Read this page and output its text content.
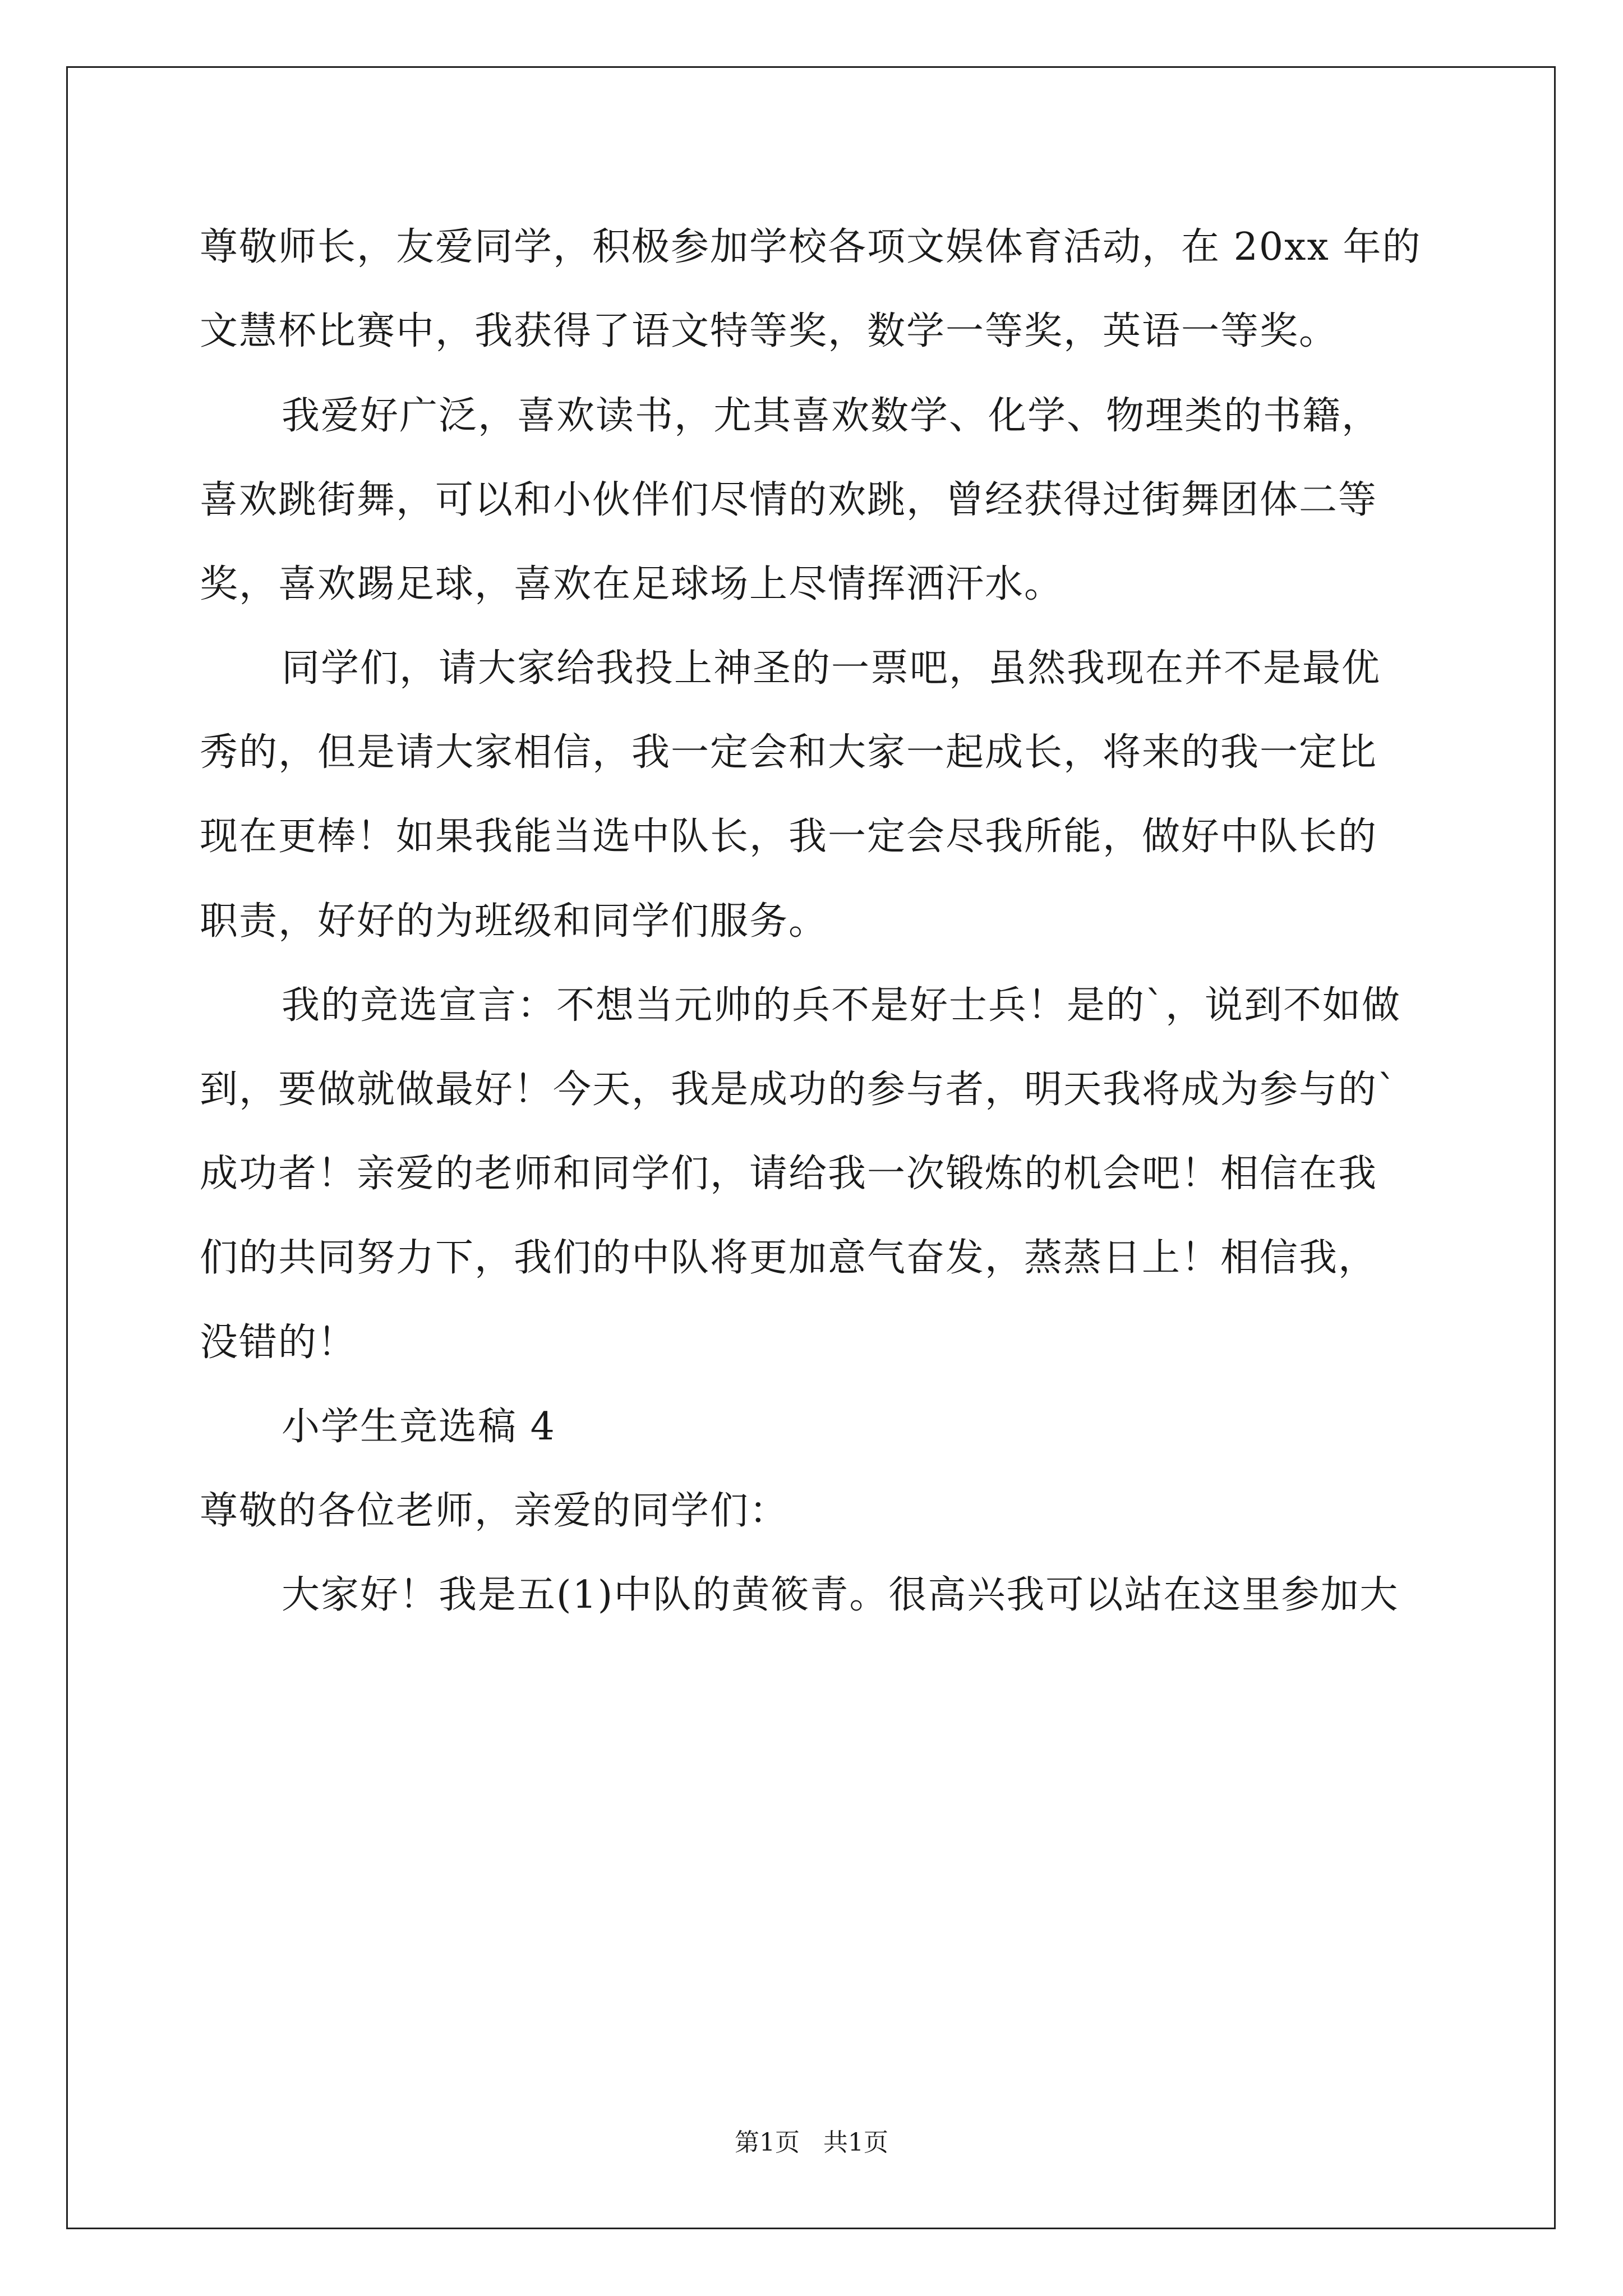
尊敬师长，友爱同学，积极参加学校各项文娱体育活动，在 20xx 年的
文慧杯比赛中，我获得了语文特等奖，数学一等奖，英语一等奖。
我爱好广泛，喜欢读书，尤其喜欢数学、化学、物理类的书籍，
喜欢跳街舞，可以和小伙伴们尽情的欢跳，曾经获得过街舞团体二等
奖，喜欢踢足球，喜欢在足球场上尽情挥洒汗水。
同学们，请大家给我投上神圣的一票吧，虽然我现在并不是最优
秀的，但是请大家相信，我一定会和大家一起成长，将来的我一定比
现在更棒！如果我能当选中队长，我一定会尽我所能，做好中队长的
职责，好好的为班级和同学们服务。
我的竞选宣言：不想当元帅的兵不是好士兵！是的`，说到不如做
到，要做就做最好！今天，我是成功的参与者，明天我将成为参与的`
成功者！亲爱的老师和同学们，请给我一次锻炼的机会吧！相信在我
们的共同努力下，我们的中队将更加意气奋发，蒸蒸日上！相信我，
没错的！
小学生竞选稿 4
尊敬的各位老师，亲爱的同学们：
大家好！我是五(1)中队的黄筱青。很高兴我可以站在这里参加大
第1页   共1页
